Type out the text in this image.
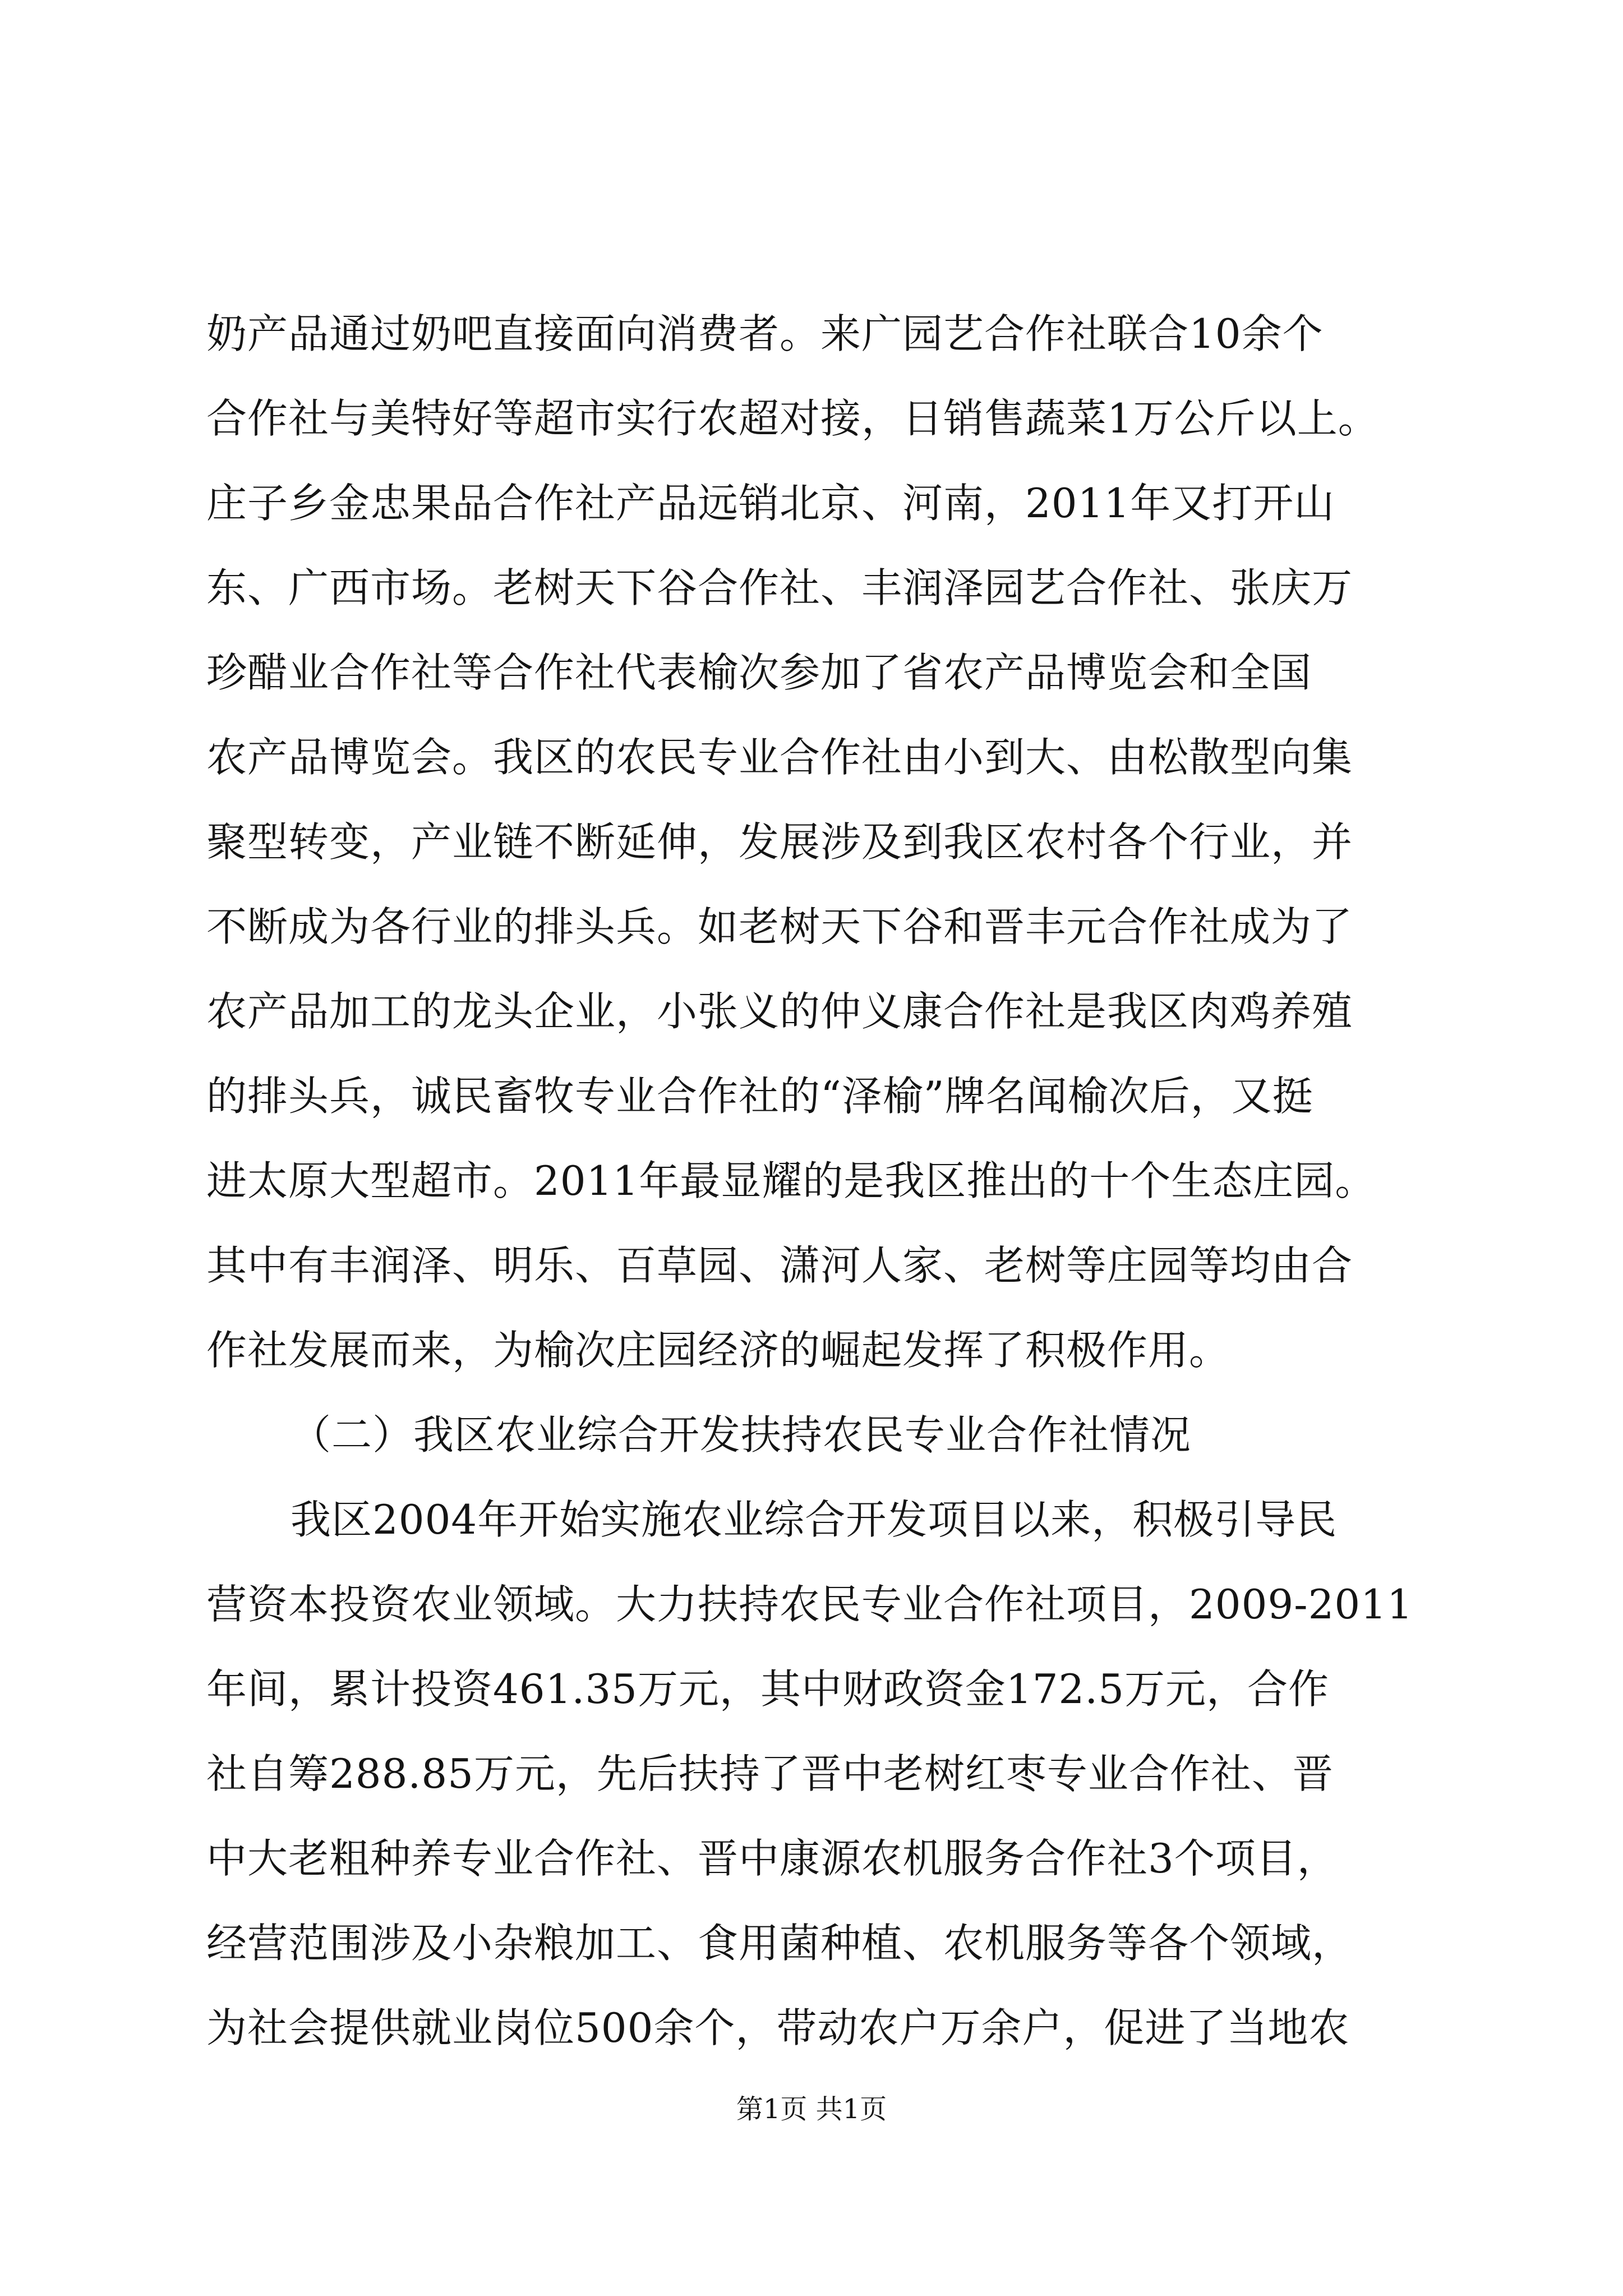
奶产品通过奶吧直接面向消费者。来广园艺合作社联合10余个
合作社与美特好等超市实行农超对接，日销售蔬菜1万公斤以上。
庄子乡金忠果品合作社产品远销北京、河南，2011年又打开山
东、广西市场。老树天下谷合作社、丰润泽园艺合作社、张庆万
珍醋业合作社等合作社代表榆次参加了省农产品博览会和全国
农产品博览会。我区的农民专业合作社由小到大、由松散型向集
聚型转变，产业链不断延伸，发展涉及到我区农村各个行业，并
不断成为各行业的排头兵。如老树天下谷和晋丰元合作社成为了
农产品加工的龙头企业，小张义的仲义康合作社是我区肉鸡养殖
的排头兵，诚民畜牧专业合作社的“泽榆”牌名闻榆次后，又挺
进太原大型超市。2011年最显耀的是我区推出的十个生态庄园。
其中有丰润泽、明乐、百草园、潇河人家、老树等庄园等均由合
作社发展而来，为榆次庄园经济的崛起发挥了积极作用。
（二）我区农业综合开发扶持农民专业合作社情况
我区2004年开始实施农业综合开发项目以来，积极引导民
营资本投资农业领域。大力扶持农民专业合作社项目，2009-2011
年间，累计投资461.35万元，其中财政资金172.5万元，合作
社自筹288.85万元，先后扶持了晋中老树红枣专业合作社、晋
中大老粗种养专业合作社、晋中康源农机服务合作社3个项目，
经营范围涉及小杂粮加工、食用菌种植、农机服务等各个领域，
为社会提供就业岗位500余个，带动农户万余户，促进了当地农
第1页 共1页
